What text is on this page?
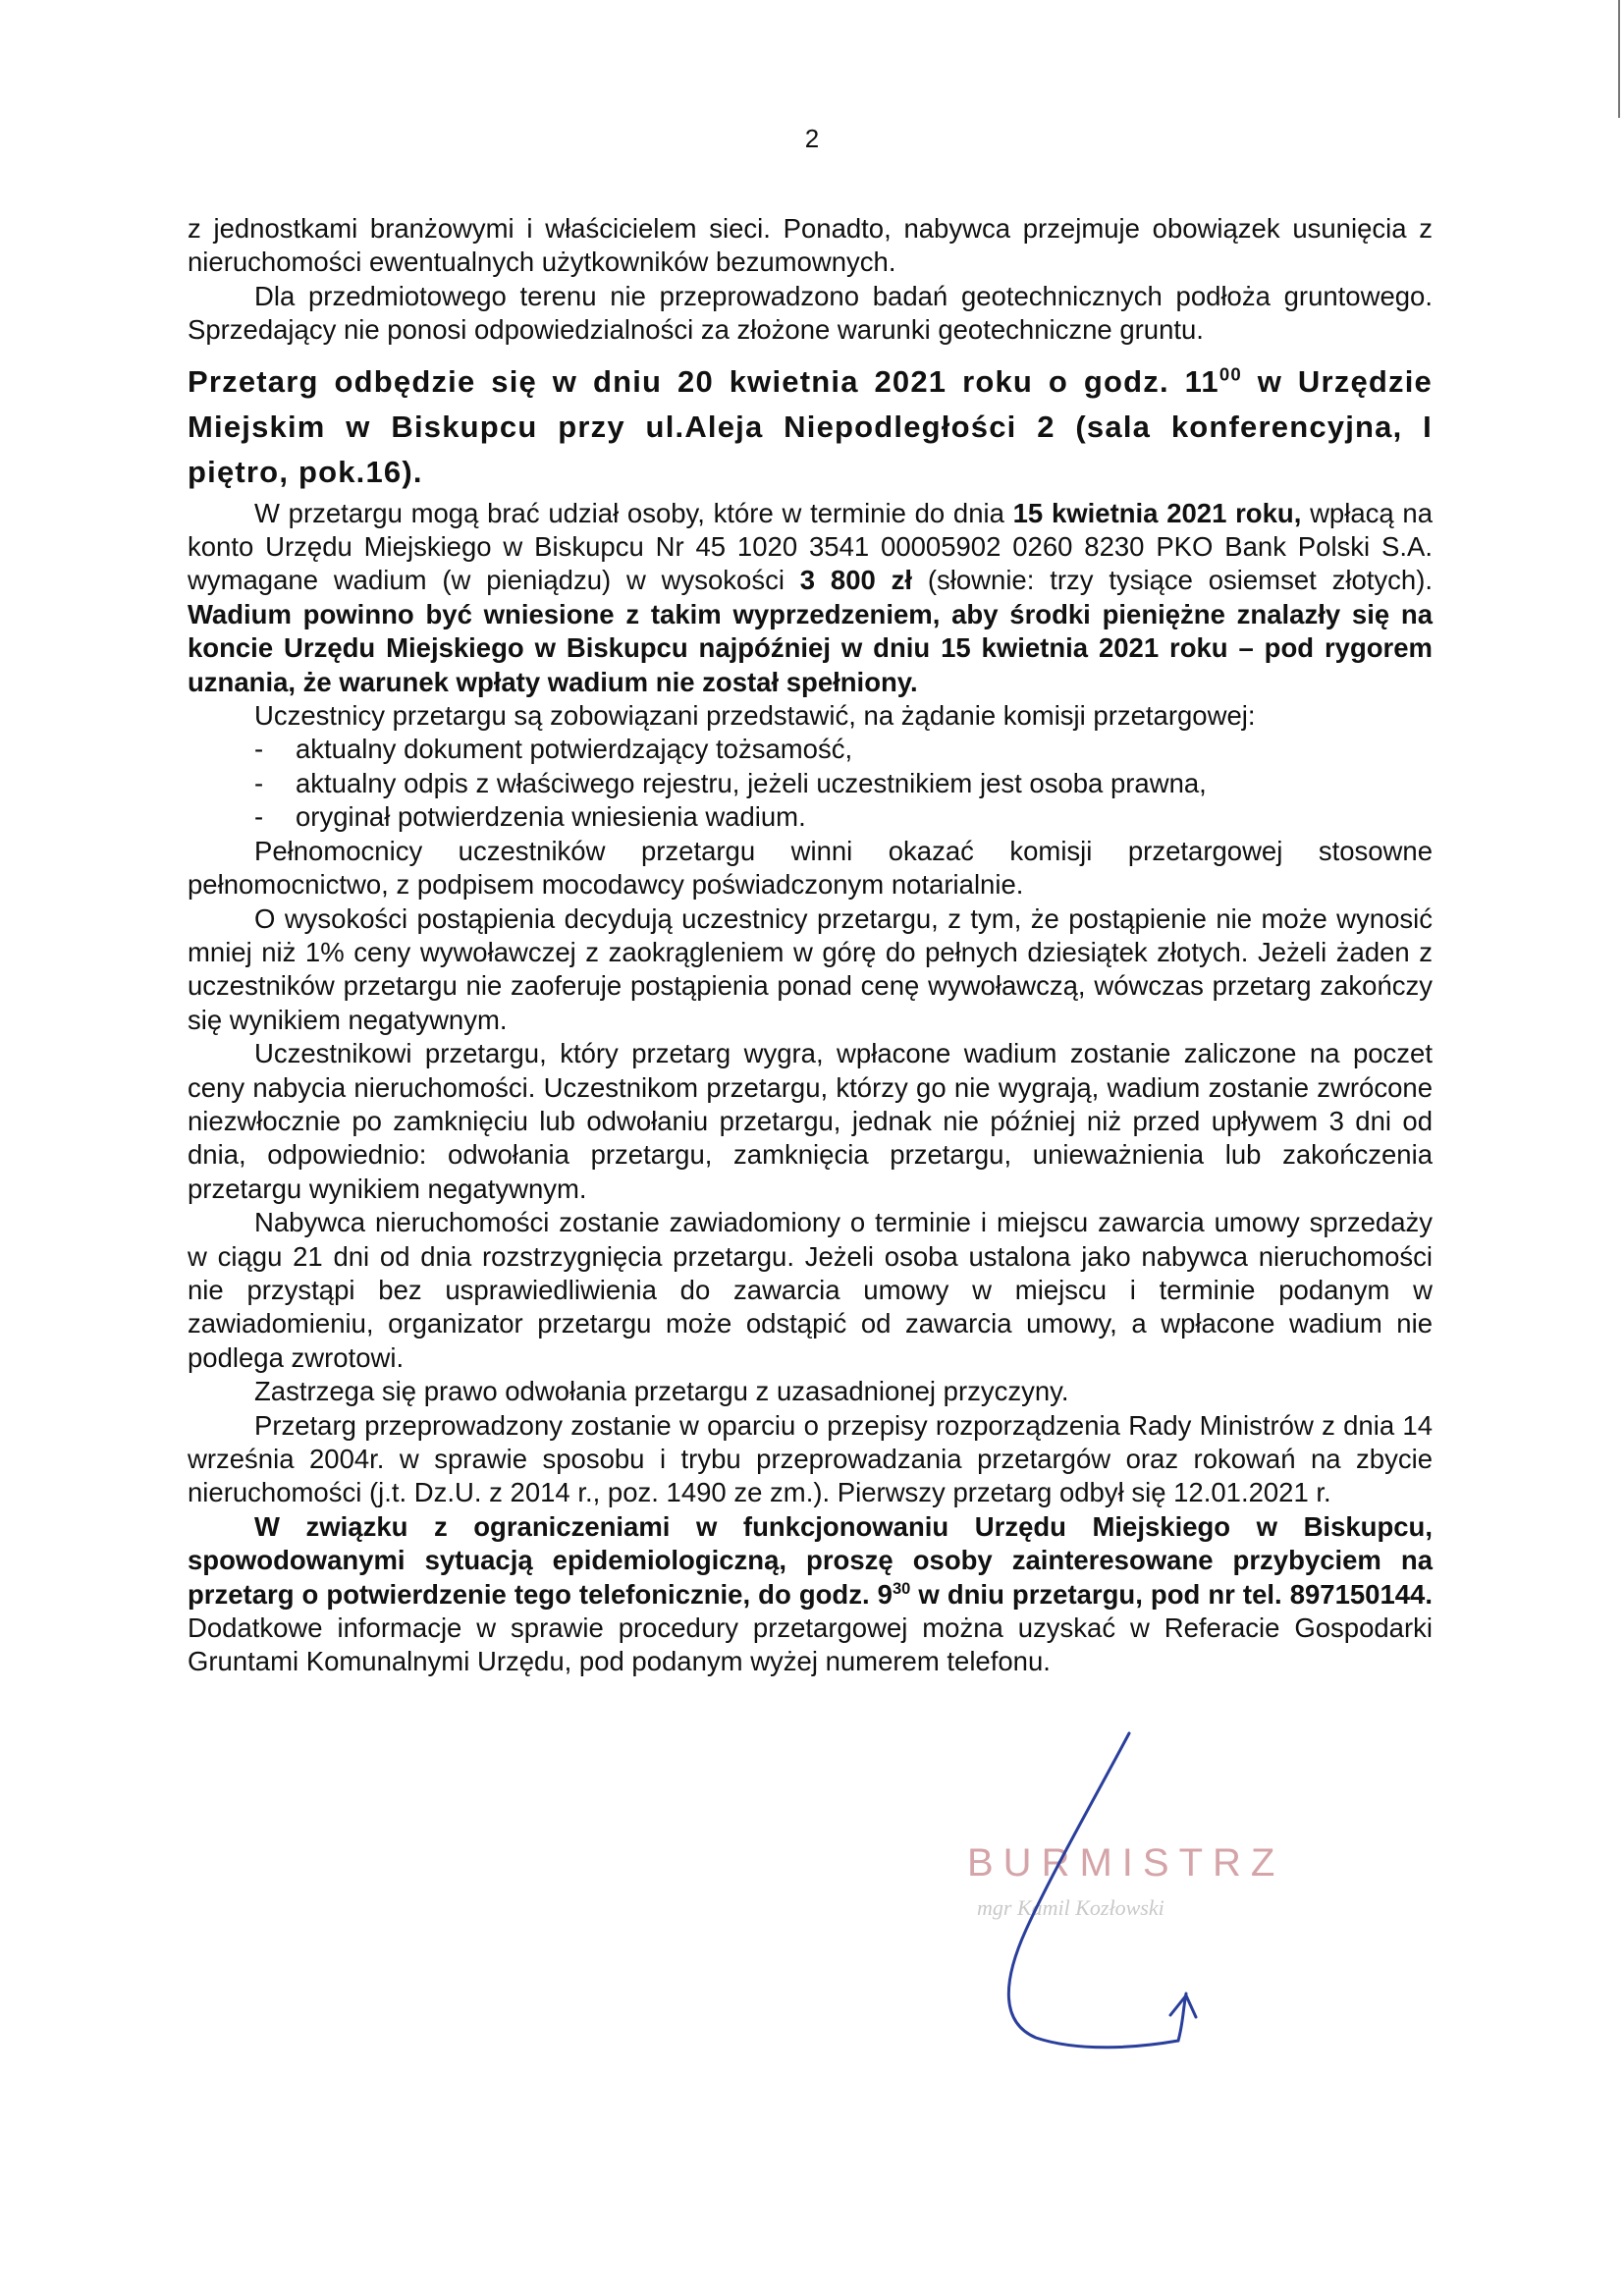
2

z jednostkami branżowymi i właścicielem sieci. Ponadto, nabywca przejmuje obowiązek usunięcia z nieruchomości ewentualnych użytkowników bezumownych.

Dla przedmiotowego terenu nie przeprowadzono badań geotechnicznych podłoża gruntowego. Sprzedający nie ponosi odpowiedzialności za złożone warunki geotechniczne gruntu.

Przetarg odbędzie się w dniu 20 kwietnia 2021 roku o godz. $11^{00}$ w Urzędzie Miejskim w Biskupcu przy ul.Aleja Niepodległości 2 (sala konferencyjna, I piętro, pok.16).

W przetargu mogą brać udział osoby, które w terminie do dnia 15 kwietnia 2021 roku, wpłacą na konto Urzędu Miejskiego w Biskupcu Nr 45 1020 3541 00005902 0260 8230 PKO Bank Polski S.A. wymagane wadium (w pieniądzu) w wysokości 3 800 zł (słownie: trzy tysiące osiemset złotych). Wadium powinno być wniesione z takim wyprzedzeniem, aby środki pieniężne znalazły się na koncie Urzędu Miejskiego w Biskupcu najpóźniej w dniu 15 kwietnia 2021 roku – pod rygorem uznania, że warunek wpłaty wadium nie został spełniony.

Uczestnicy przetargu są zobowiązani przedstawić, na żądanie komisji przetargowej:

- aktualny dokument potwierdzający tożsamość,
- aktualny odpis z właściwego rejestru, jeżeli uczestnikiem jest osoba prawna,
- oryginał potwierdzenia wniesienia wadium.

Pełnomocnicy uczestników przetargu winni okazać komisji przetargowej stosowne pełnomocnictwo, z podpisem mocodawcy poświadczonym notarialnie.

O wysokości postąpienia decydują uczestnicy przetargu, z tym, że postąpienie nie może wynosić mniej niż 1% ceny wywoławczej z zaokrągleniem w górę do pełnych dziesiątek złotych. Jeżeli żaden z uczestników przetargu nie zaoferuje postąpienia ponad cenę wywoławczą, wówczas przetarg zakończy się wynikiem negatywnym.

Uczestnikowi przetargu, który przetarg wygra, wpłacone wadium zostanie zaliczone na poczet ceny nabycia nieruchomości. Uczestnikom przetargu, którzy go nie wygrają, wadium zostanie zwrócone niezwłocznie po zamknięciu lub odwołaniu przetargu, jednak nie później niż przed upływem 3 dni od dnia, odpowiednio: odwołania przetargu, zamknięcia przetargu, unieważnienia lub zakończenia przetargu wynikiem negatywnym.

Nabywca nieruchomości zostanie zawiadomiony o terminie i miejscu zawarcia umowy sprzedaży w ciągu 21 dni od dnia rozstrzygnięcia przetargu. Jeżeli osoba ustalona jako nabywca nieruchomości nie przystąpi bez usprawiedliwienia do zawarcia umowy w miejscu i terminie podanym w zawiadomieniu, organizator przetargu może odstąpić od zawarcia umowy, a wpłacone wadium nie podlega zwrotowi.

Zastrzega się prawo odwołania przetargu z uzasadnionej przyczyny.

Przetarg przeprowadzony zostanie w oparciu o przepisy rozporządzenia Rady Ministrów z dnia 14 września 2004r. w sprawie sposobu i trybu przeprowadzania przetargów oraz rokowań na zbycie nieruchomości (j.t. Dz.U. z 2014 r., poz. 1490 ze zm.). Pierwszy przetarg odbył się 12.01.2021 r.

W związku z ograniczeniami w funkcjonowaniu Urzędu Miejskiego w Biskupcu, spowodowanymi sytuacją epidemiologiczną, proszę osoby zainteresowane przybyciem na przetarg o potwierdzenie tego telefonicznie, do godz. $9^{30}$ w dniu przetargu, pod nr tel. 897150144. Dodatkowe informacje w sprawie procedury przetargowej można uzyskać w Referacie Gospodarki Gruntami Komunalnymi Urzędu, pod podanym wyżej numerem telefonu.

BURMISTRZ
mgr Kamil Kozłowski
